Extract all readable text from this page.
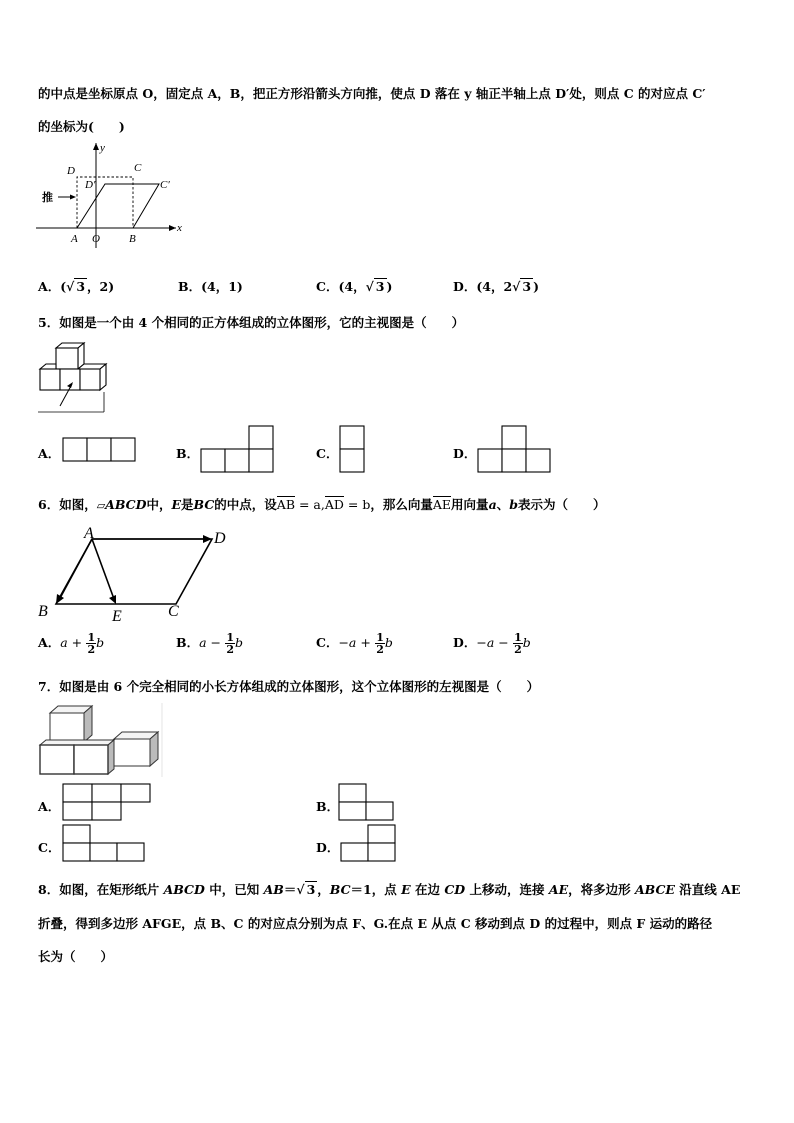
的中点是坐标原点 O，固定点 A，B，把正方形沿箭头方向推，使点 D 落在 y 轴正半轴上点 D′处，则点 C 的对应点 C′
的坐标为(　　)
推
y
x
D	C
D′	C′
A O	B
A．(√ 3 ，2)	B．(4，1)	C．(4，√ 3 )	D．(4，2√ 3 )
5．如图是一个由 4 个相同的正方体组成的立体图形，它的主视图是（　　）
A．	B．	C．	D．
6．如图，▱ABCD中，E是BC的中点，设AB = a,AD = b，那么向量AE用向量a、b表示为（　　）
A	D
B	E	C
A．$a + \frac{1}{2}$ b	B．$a - \frac{1}{2}$ b	C．$-a + \frac{1}{2}$ b	D．$-a - \frac{1}{2}$ b
7．如图是由 6 个完全相同的小长方体组成的立体图形，这个立体图形的左视图是（　　）
A．	B．
C．	D．
8．如图，在矩形纸片 ABCD 中，已知 AB＝√ 3 ，BC＝1，点 E 在边 CD 上移动，连接 AE，将多边形 ABCE 沿直线 AE
折叠，得到多边形 AFGE，点 B、C 的对应点分别为点 F、G.在点 E 从点 C 移动到点 D 的过程中，则点 F 运动的路径
长为（　　）
